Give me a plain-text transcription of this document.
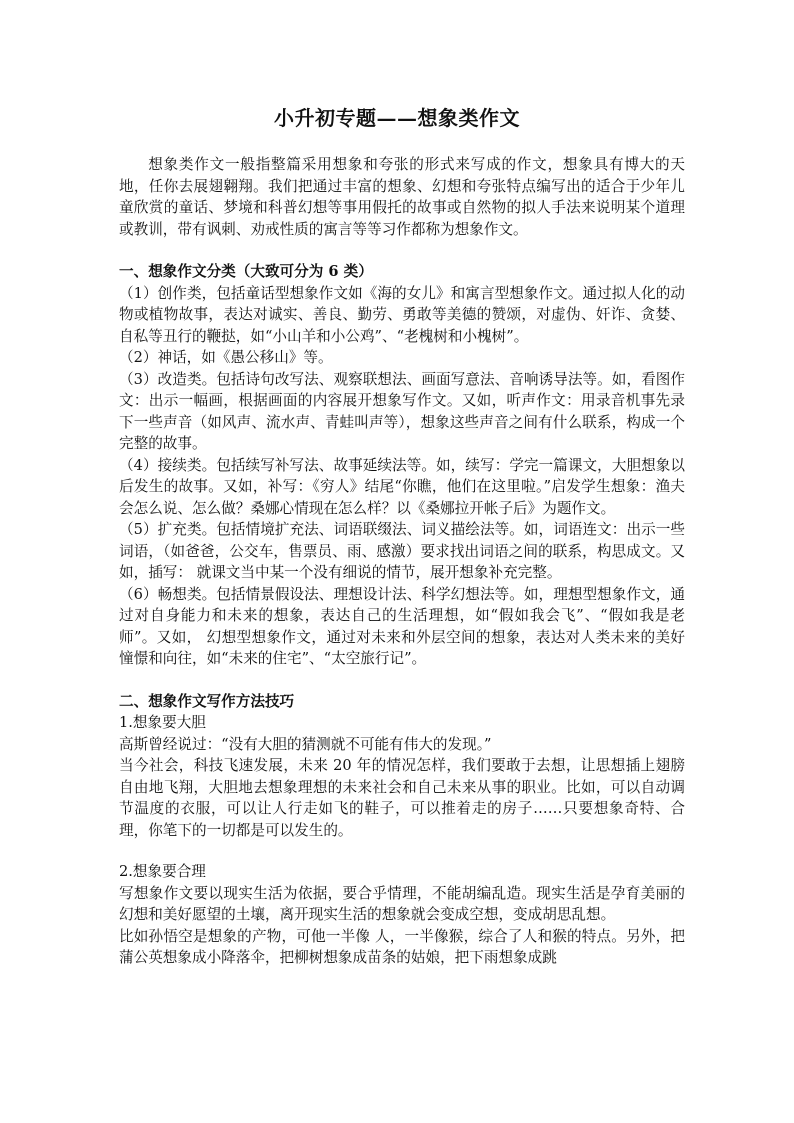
小升初专题——想象类作文

想象类作文一般指整篇采用想象和夸张的形式来写成的作文，想象具有博大的天地，任你去展翅翱翔。我们把通过丰富的想象、幻想和夸张特点编写出的适合于少年儿童欣赏的童话、梦境和科普幻想等事用假托的故事或自然物的拟人手法来说明某个道理或教训，带有讽刺、劝戒性质的寓言等等习作都称为想象作文。

一、想象作文分类（大致可分为 6 类）

（1）创作类，包括童话型想象作文如《海的女儿》和寓言型想象作文。通过拟人化的动物或植物故事，表达对诚实、善良、勤劳、勇敢等美德的赞颂，对虚伪、奸诈、贪婪、自私等丑行的鞭挞，如“小山羊和小公鸡”、“老槐树和小槐树”。

（2）神话，如《愚公移山》等。

（3）改造类。包括诗句改写法、观察联想法、画面写意法、音响诱导法等。如，看图作文：出示一幅画，根据画面的内容展开想象写作文。又如，听声作文：用录音机事先录下一些声音（如风声、流水声、青蛙叫声等），想象这些声音之间有什么联系，构成一个完整的故事。

（4）接续类。包括续写补写法、故事延续法等。如，续写：学完一篇课文，大胆想象以后发生的故事。又如，补写：《穷人》结尾“你瞧，他们在这里啦。”启发学生想象：渔夫会怎么说、怎么做？桑娜心情现在怎么样？以《桑娜拉开帐子后》为题作文。

（5）扩充类。包括情境扩充法、词语联缀法、词义描绘法等。如，词语连文：出示一些词语，（如爸爸，公交车，售票员、雨、感激）要求找出词语之间的联系，构思成文。又如，插写： 就课文当中某一个没有细说的情节，展开想象补充完整。

（6）畅想类。包括情景假设法、理想设计法、科学幻想法等。如，理想型想象作文，通过对自身能力和未来的想象，表达自己的生活理想，如“假如我会飞”、“假如我是老师”。又如， 幻想型想象作文，通过对未来和外层空间的想象，表达对人类未来的美好憧憬和向往，如“未来的住宅”、“太空旅行记”。

二、想象作文写作方法技巧

1.想象要大胆

高斯曾经说过：“没有大胆的猜测就不可能有伟大的发现。”

当今社会，科技飞速发展，未来 20 年的情况怎样，我们要敢于去想，让思想插上翅膀自由地飞翔，大胆地去想象理想的未来社会和自己未来从事的职业。比如，可以自动调节温度的衣服，可以让人行走如飞的鞋子，可以推着走的房子……只要想象奇特、合理，你笔下的一切都是可以发生的。

2.想象要合理

写想象作文要以现实生活为依据，要合乎情理，不能胡编乱造。现实生活是孕育美丽的幻想和美好愿望的土壤，离开现实生活的想象就会变成空想，变成胡思乱想。

比如孙悟空是想象的产物，可他一半像 人，一半像猴，综合了人和猴的特点。另外，把蒲公英想象成小降落伞，把柳树想象成苗条的姑娘，把下雨想象成跳
